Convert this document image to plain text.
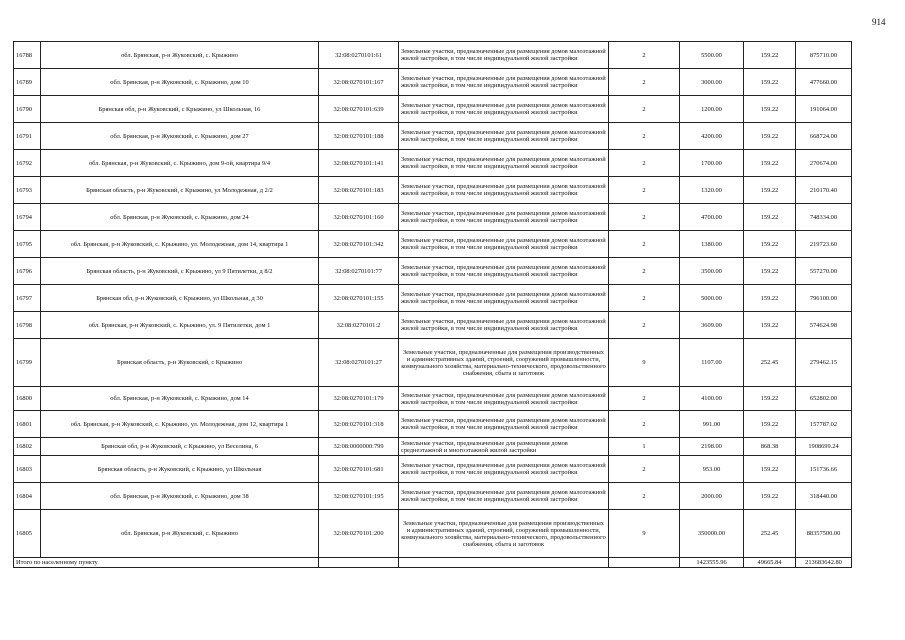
914
16788	обл. Брянская, р-н Жуковский, с. Крыжино	32:08:0270101:61	Земельные участки, предназначенные для размещения домов малоэтажной жилой застройки, в том числе индивидуальной жилой застройки	2	5500.00	159.22	875710.00
16789	обл. Брянская, р-н Жуковский, с. Крыжино, дом 10	32:08:0270101:167	Земельные участки, предназначенные для размещения домов малоэтажной жилой застройки, в том числе индивидуальной жилой застройки	2	3000.00	159.22	477660.00
16790	Брянская обл, р-н Жуковский, с Крыжино, ул Школьная, 16	32:08:0270101:639	Земельные участки, предназначенные для размещения домов малоэтажной жилой застройки, в том числе индивидуальной жилой застройки	2	1200.00	159.22	191064.00
16791	обл. Брянская, р-н Жуковский, с. Крыжино, дом 27	32:08:0270101:188	Земельные участки, предназначенные для размещения домов малоэтажной жилой застройки, в том числе индивидуальной жилой застройки	2	4200.00	159.22	668724.00
16792	обл. Брянская, р-н Жуковский, с. Крыжино, дом 9-ой, квартира 9/4	32:08:0270101:141	Земельные участки, предназначенные для размещения домов малоэтажной жилой застройки, в том числе индивидуальной жилой застройки	2	1700.00	159.22	270674.00
16793	Брянская область, р-н Жуковский, с Крыжино, ул Молодежная, д 2/2	32:08:0270101:183	Земельные участки, предназначенные для размещения домов малоэтажной жилой застройки, в том числе индивидуальной жилой застройки	2	1320.00	159.22	210170.40
16794	обл. Брянская, р-н Жуковский, с. Крыжино, дом 24	32:08:0270101:160	Земельные участки, предназначенные для размещения домов малоэтажной жилой застройки, в том числе индивидуальной жилой застройки	2	4700.00	159.22	748334.00
16795	обл. Брянская, р-н Жуковский, с. Крыжино, ул. Молодежная, дом 14, квартира 1	32:08:0270101:342	Земельные участки, предназначенные для размещения домов малоэтажной жилой застройки, в том числе индивидуальной жилой застройки	2	1380.00	159.22	219723.60
16796	Брянская область, р-н Жуковский, с Крыжино, ул 9 Пятилетки, д 8/2	32:08:0270101:77	Земельные участки, предназначенные для размещения домов малоэтажной жилой застройки, в том числе индивидуальной жилой застройки	2	3500.00	159.22	557270.00
16797	Брянская обл, р-н Жуковский, с Крыжино, ул Школьная, д 30	32:08:0270101:155	Земельные участки, предназначенные для размещения домов малоэтажной жилой застройки, в том числе индивидуальной жилой застройки	2	5000.00	159.22	796100.00
16798	обл. Брянская, р-н Жуковский, с. Крыжино, ул. 9 Пятилетки, дом 1	32:08:0270101:2	Земельные участки, предназначенные для размещения домов малоэтажной жилой застройки, в том числе индивидуальной жилой застройки	2	3609.00	159.22	574624.98
16799	Брянская область, р-н Жуковский, с Крыжино	32:08:0270101:27	Земельные участки, предназначенные для размещения производственных и административных зданий, строений, сооружений промышленности, коммунального хозяйства, материально-технического, продовольственного снабжения, сбыта и заготовок	9	1107.00	252.45	279462.15
16800	обл. Брянская, р-н Жуковский, с. Крыжино, дом 14	32:08:0270101:179	Земельные участки, предназначенные для размещения домов малоэтажной жилой застройки, в том числе индивидуальной жилой застройки	2	4100.00	159.22	652802.00
16801	обл. Брянская, р-н Жуковский, с. Крыжино, ул. Молодежная, дом 12, квартира 1	32:08:0270101:318	Земельные участки, предназначенные для размещения домов малоэтажной жилой застройки, в том числе индивидуальной жилой застройки	2	991.00	159.22	157787.02
16802	Брянская обл, р-н Жуковский, с Крыжино, ул Веселина, 6	32:08:0000000:799	Земельные участки, предназначенные для размещения домов среднеэтажной и многоэтажной жилой застройки	1	2198.00	868.38	1908699.24
16803	Брянская область, р-н Жуковский, с Крыжино, ул Школьная	32:08:0270101:681	Земельные участки, предназначенные для размещения домов малоэтажной жилой застройки, в том числе индивидуальной жилой застройки	2	953.00	159.22	151736.66
16804	обл. Брянская, р-н Жуковский, с. Крыжино, дом 38	32:08:0270101:195	Земельные участки, предназначенные для размещения домов малоэтажной жилой застройки, в том числе индивидуальной жилой застройки	2	2000.00	159.22	318440.00
16805	обл. Брянская, р-н Жуковский, с. Крыжино	32:08:0270101:200	Земельные участки, предназначенные для размещения производственных и административных зданий, строений, сооружений промышленности, коммунального хозяйства, материально-технического, продовольственного снабжения, сбыта и заготовок	9	350000.00	252.45	88357500.00
Итого по населенному пункту					1423555.96	49665.84	213683642.80
